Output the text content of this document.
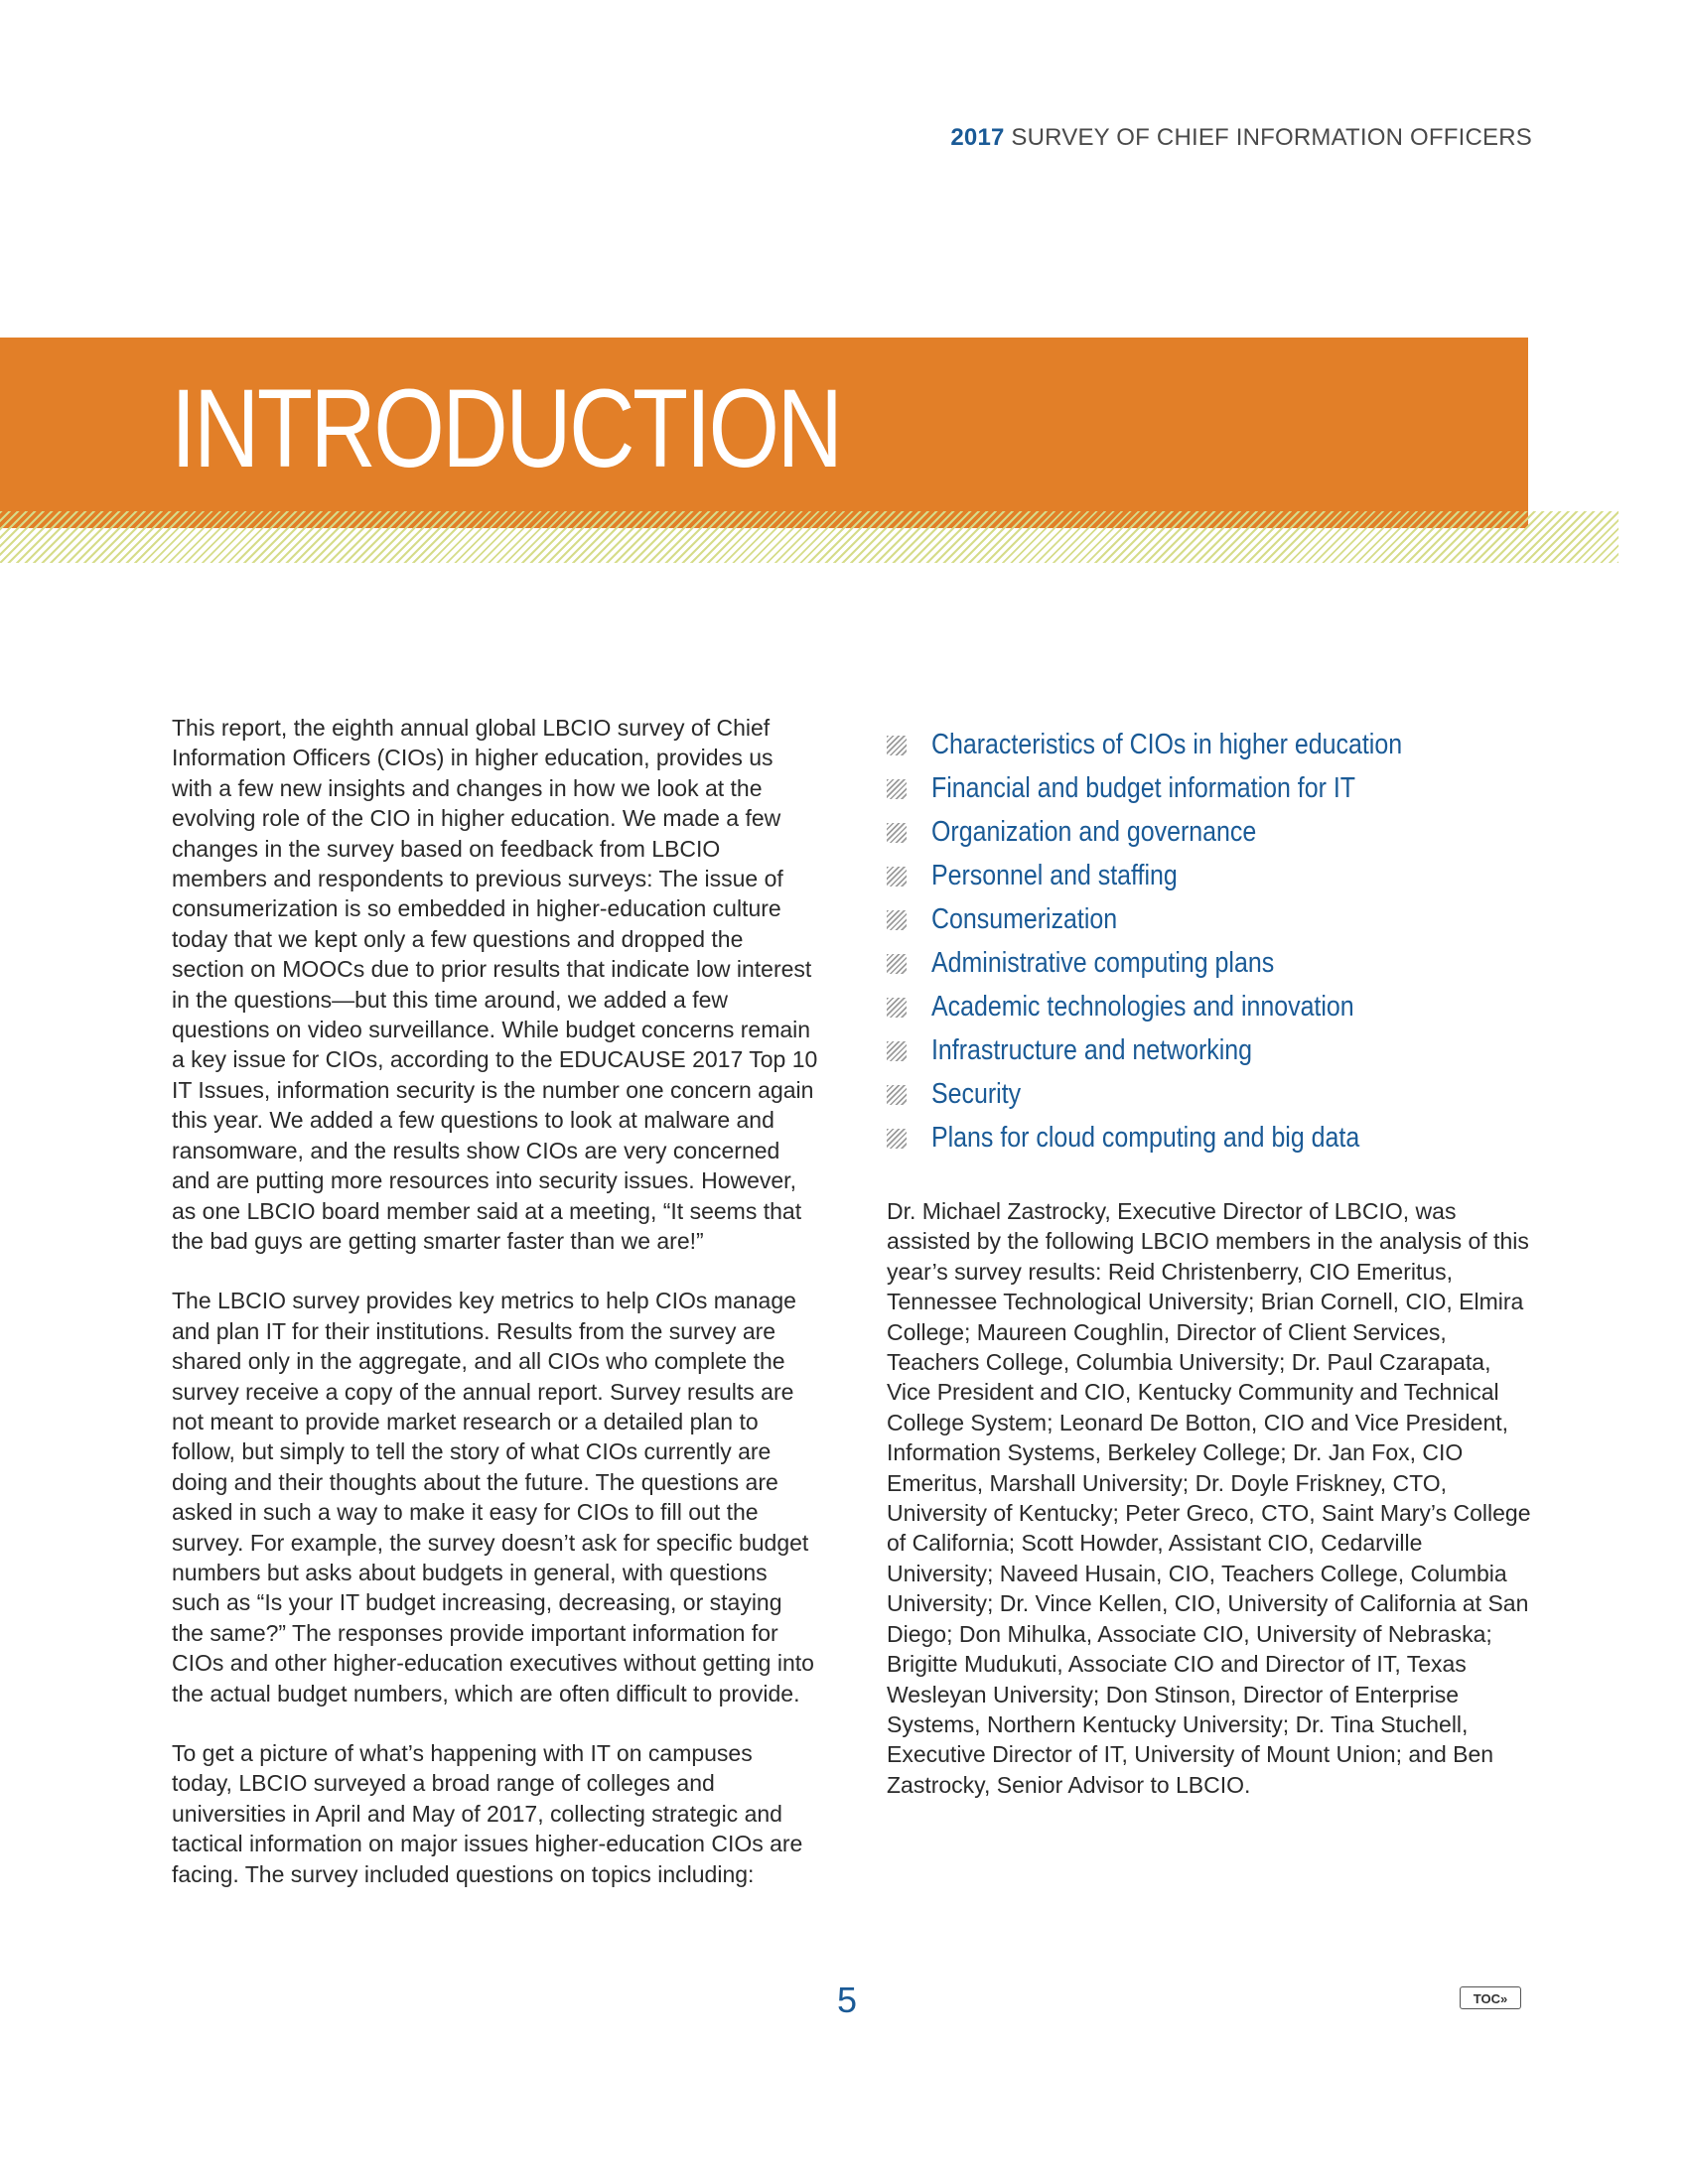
2017 SURVEY OF CHIEF INFORMATION OFFICERS
INTRODUCTION

This report, the eighth annual global LBCIO survey of Chief Information Officers (CIOs) in higher education, provides us with a few new insights and changes in how we look at the evolving role of the CIO in higher education. We made a few changes in the survey based on feedback from LBCIO members and respondents to previous surveys: The issue of consumerization is so embedded in higher-education culture today that we kept only a few questions and dropped the section on MOOCs due to prior results that indicate low interest in the questions—but this time around, we added a few questions on video surveillance. While budget concerns remain a key issue for CIOs, according to the EDUCAUSE 2017 Top 10 IT Issues, information security is the number one concern again this year. We added a few questions to look at malware and ransomware, and the results show CIOs are very concerned and are putting more resources into security issues. However, as one LBCIO board member said at a meeting, “It seems that the bad guys are getting smarter faster than we are!”

The LBCIO survey provides key metrics to help CIOs manage and plan IT for their institutions. Results from the survey are shared only in the aggregate, and all CIOs who complete the survey receive a copy of the annual report. Survey results are not meant to provide market research or a detailed plan to follow, but simply to tell the story of what CIOs currently are doing and their thoughts about the future. The questions are asked in such a way to make it easy for CIOs to fill out the survey. For example, the survey doesn’t ask for specific budget numbers but asks about budgets in general, with questions such as “Is your IT budget increasing, decreasing, or staying the same?” The responses provide important information for CIOs and other higher-education executives without getting into the actual budget numbers, which are often difficult to provide.

To get a picture of what’s happening with IT on campuses today, LBCIO surveyed a broad range of colleges and universities in April and May of 2017, collecting strategic and tactical information on major issues higher-education CIOs are facing. The survey included questions on topics including:

Characteristics of CIOs in higher education
Financial and budget information for IT
Organization and governance
Personnel and staffing
Consumerization
Administrative computing plans
Academic technologies and innovation
Infrastructure and networking
Security
Plans for cloud computing and big data

Dr. Michael Zastrocky, Executive Director of LBCIO, was assisted by the following LBCIO members in the analysis of this year’s survey results: Reid Christenberry, CIO Emeritus, Tennessee Technological University; Brian Cornell, CIO, Elmira College; Maureen Coughlin, Director of Client Services, Teachers College, Columbia University; Dr. Paul Czarapata, Vice President and CIO, Kentucky Community and Technical College System; Leonard De Botton, CIO and Vice President, Information Systems, Berkeley College; Dr. Jan Fox, CIO Emeritus, Marshall University; Dr. Doyle Friskney, CTO, University of Kentucky; Peter Greco, CTO, Saint Mary’s College of California; Scott Howder, Assistant CIO, Cedarville University; Naveed Husain, CIO, Teachers College, Columbia University; Dr. Vince Kellen, CIO, University of California at San Diego; Don Mihulka, Associate CIO, University of Nebraska; Brigitte Mudukuti, Associate CIO and Director of IT, Texas Wesleyan University; Don Stinson, Director of Enterprise Systems, Northern Kentucky University; Dr. Tina Stuchell, Executive Director of IT, University of Mount Union; and Ben Zastrocky, Senior Advisor to LBCIO.

5	TOC»
